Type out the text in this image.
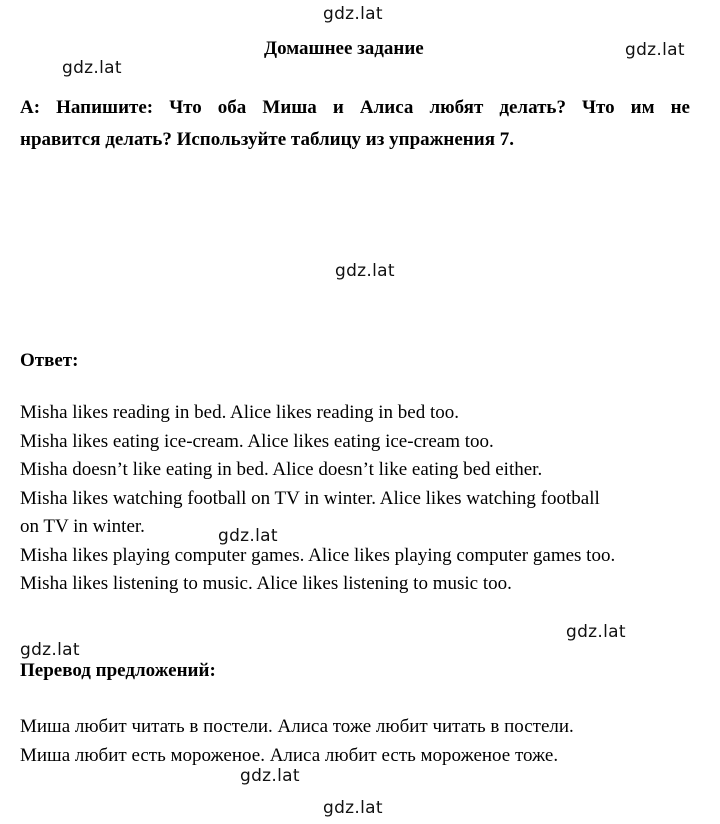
gdz.lat
gdz.lat
gdz.lat
gdz.lat
gdz.lat
gdz.lat
gdz.lat
gdz.lat
gdz.lat
Домашнее задание
A: Напишите: Что оба Миша и Алиса любят делать? Что им не
нравится делать? Используйте таблицу из упражнения 7.
Ответ:
Misha likes reading in bed. Alice likes reading in bed too.
Misha likes eating ice-cream. Alice likes eating ice-cream too.
Misha doesn’t like eating in bed. Alice doesn’t like eating bed either.
Misha likes watching football on TV in winter. Alice likes watching football
on TV in winter.
Misha likes playing computer games. Alice likes playing computer games too.
Misha likes listening to music. Alice likes listening to music too.
Перевод предложений:
Миша любит читать в постели. Алиса тоже любит читать в постели.
Миша любит есть мороженое. Алиса любит есть мороженое тоже.
